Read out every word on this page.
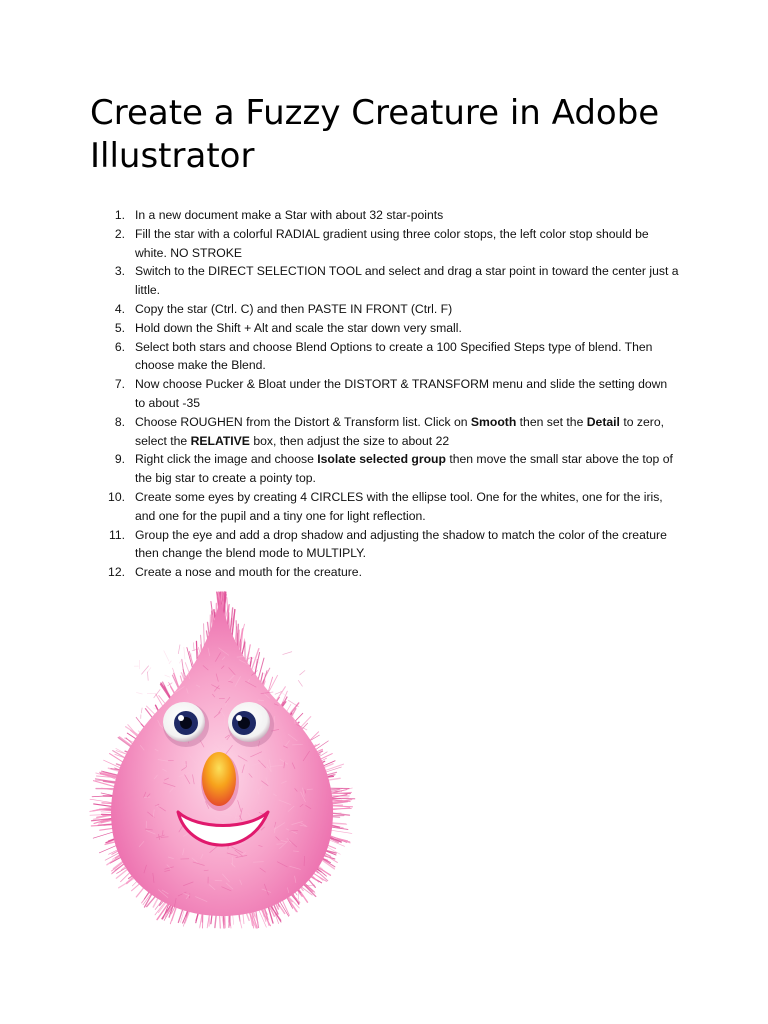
Create a Fuzzy Creature in Adobe Illustrator
1. In a new document make a Star with about 32 star-points
2. Fill the star with a colorful RADIAL gradient using three color stops, the left color stop should be white. NO STROKE
3. Switch to the DIRECT SELECTION TOOL and select and drag a star point in toward the center just a little.
4. Copy the star (Ctrl. C) and then PASTE IN FRONT (Ctrl. F)
5. Hold down the Shift + Alt and scale the star down very small.
6. Select both stars and choose Blend Options to create a 100 Specified Steps type of blend. Then choose make the Blend.
7. Now choose Pucker & Bloat under the DISTORT & TRANSFORM menu and slide the setting down to about -35
8. Choose ROUGHEN from the Distort & Transform list. Click on Smooth then set the Detail to zero, select the RELATIVE box, then adjust the size to about 22
9. Right click the image and choose Isolate selected group then move the small star above the top of the big star to create a pointy top.
10. Create some eyes by creating 4 CIRCLES with the ellipse tool. One for the whites, one for the iris, and one for the pupil and a tiny one for light reflection.
11. Group the eye and add a drop shadow and adjusting the shadow to match the color of the creature then change the blend mode to MULTIPLY.
12. Create a nose and mouth for the creature.
